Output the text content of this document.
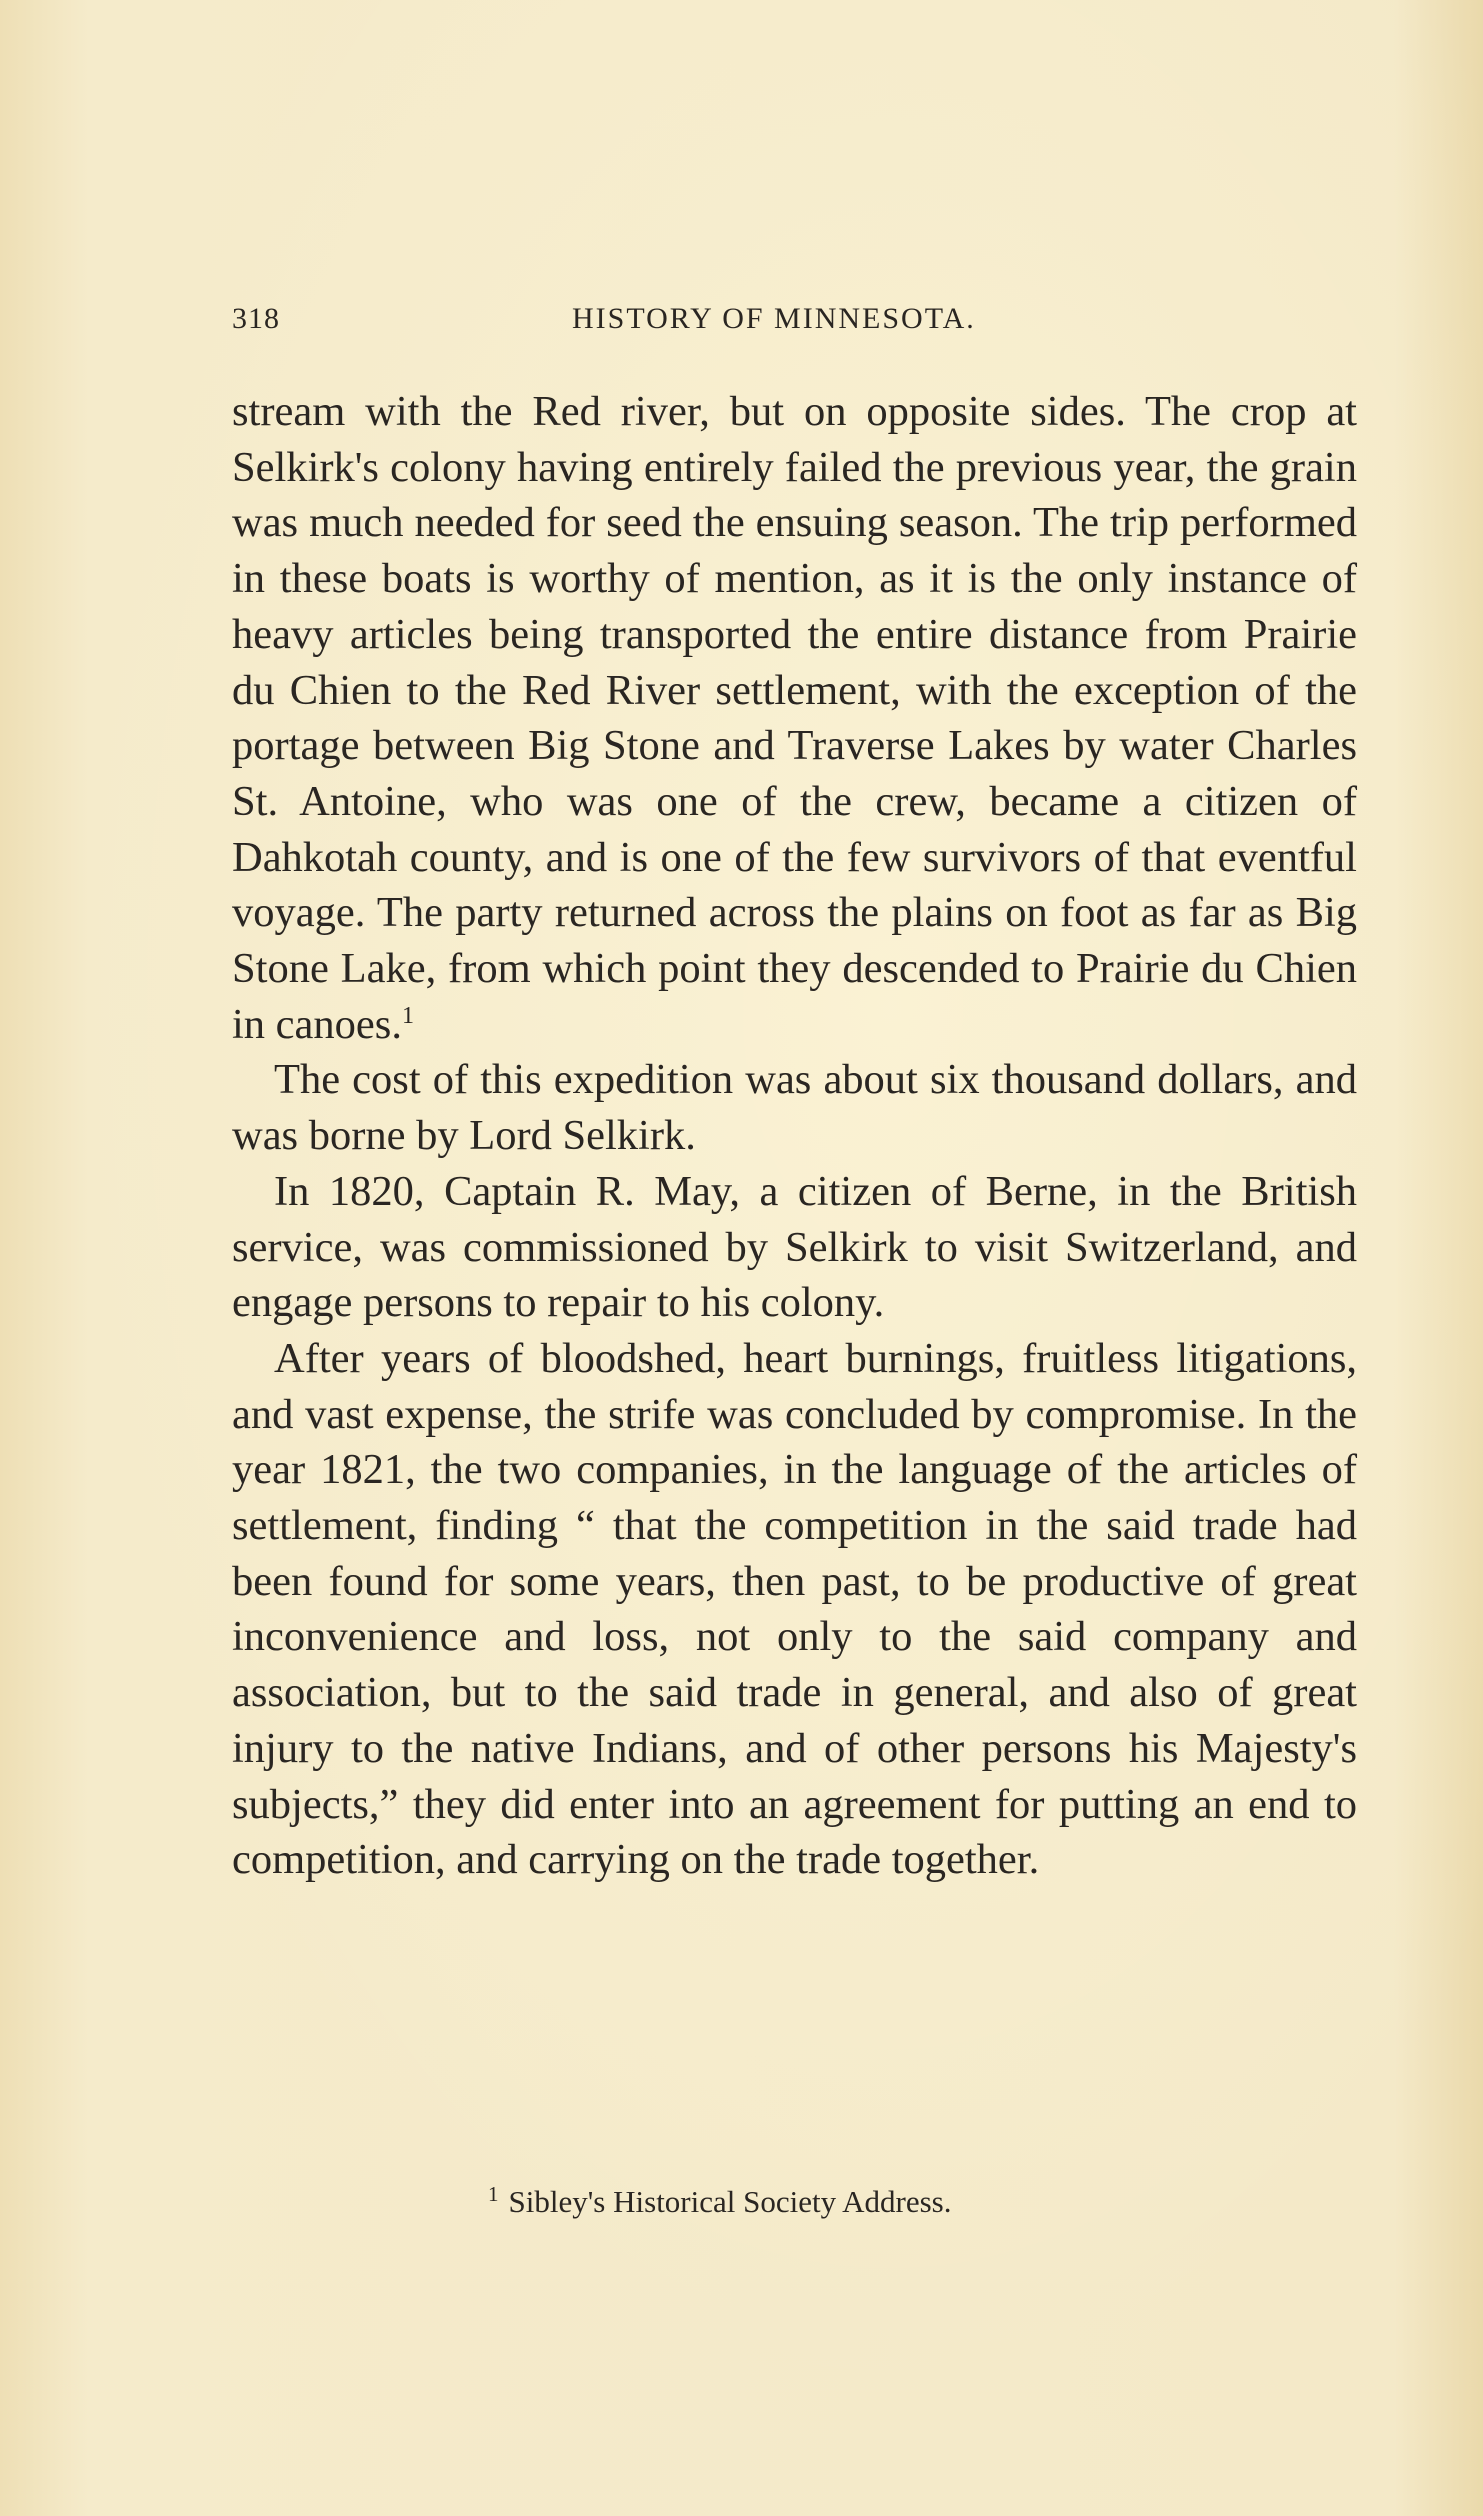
318	HISTORY OF MINNESOTA.

stream with the Red river, but on opposite sides. The crop at Selkirk's colony having entirely failed the previous year, the grain was much needed for seed the ensuing season. The trip performed in these boats is worthy of mention, as it is the only instance of heavy articles being transported the entire distance from Prairie du Chien to the Red River settlement, with the exception of the portage between Big Stone and Traverse Lakes by water Charles St. Antoine, who was one of the crew, became a citizen of Dahkotah county, and is one of the few survivors of that eventful voyage. The party returned across the plains on foot as far as Big Stone Lake, from which point they descended to Prairie du Chien in canoes.$^1$

The cost of this expedition was about six thousand dollars, and was borne by Lord Selkirk.

In 1820, Captain R. May, a citizen of Berne, in the British service, was commissioned by Selkirk to visit Switzerland, and engage persons to repair to his colony.

After years of bloodshed, heart burnings, fruitless litigations, and vast expense, the strife was concluded by compromise. In the year 1821, the two companies, in the language of the articles of settlement, finding “ that the competition in the said trade had been found for some years, then past, to be productive of great inconvenience and loss, not only to the said company and association, but to the said trade in general, and also of great injury to the native Indians, and of other persons his Majesty's subjects,” they did enter into an agreement for putting an end to competition, and carrying on the trade together.

$^1$ Sibley's Historical Society Address.
